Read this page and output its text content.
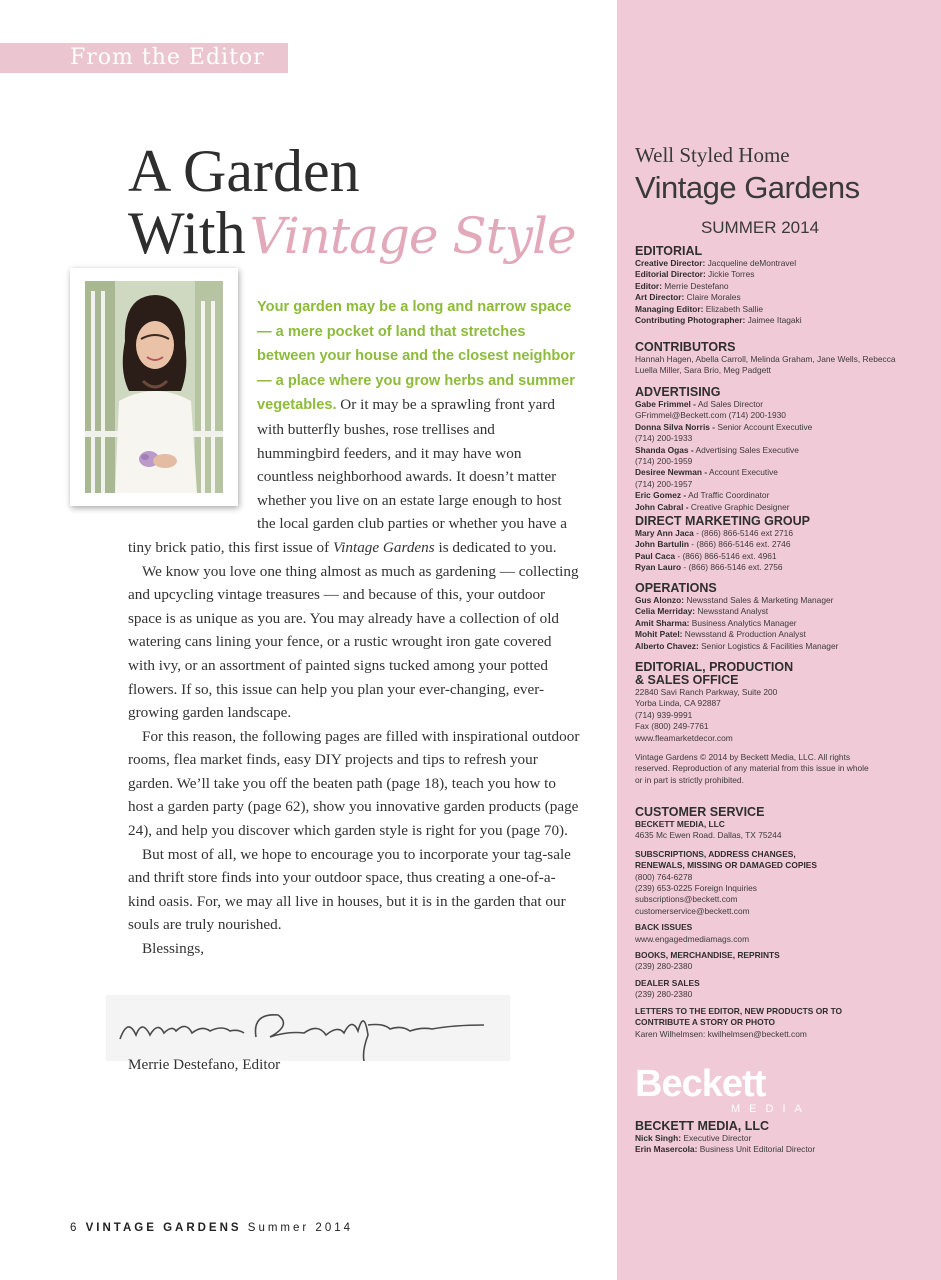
From the Editor
A Garden
WithVintage Style

Your garden may be a long and narrow space — a mere pocket of land that stretches between your house and the closest neighbor — a place where you grow herbs and summer vegetables. Or it may be a sprawling front yard with butterfly bushes, rose trellises and hummingbird feeders, and it may have won countless neighborhood awards. It doesn’t matter whether you live on an estate large enough to host the local garden club parties or whether you have a tiny brick patio, this first issue of Vintage Gardens is dedicated to you.

We know you love one thing almost as much as gardening — collecting and upcycling vintage treasures — and because of this, your outdoor space is as unique as you are. You may already have a collection of old watering cans lining your fence, or a rustic wrought iron gate covered with ivy, or an assortment of painted signs tucked among your potted flowers. If so, this issue can help you plan your ever-changing, ever-growing garden landscape.

For this reason, the following pages are filled with inspirational outdoor rooms, flea market finds, easy DIY projects and tips to refresh your garden. We’ll take you off the beaten path (page 18), teach you how to host a garden party (page 62), show you innovative garden products (page 24), and help you discover which garden style is right for you (page 70).

But most of all, we hope to encourage you to incorporate your tag-sale and thrift store finds into your outdoor space, thus creating a one-of-a-kind oasis. For, we may all live in houses, but it is in the garden that our souls are truly nourished.

Blessings,

Merrie Destefano, Editor
6 VINTAGE GARDENS Summer 2014
Well Styled Home
Vintage Gardens
SUMMER 2014
EDITORIAL
Creative Director: Jacqueline deMontravel
Editorial Director: Jickie Torres
Editor: Merrie Destefano
Art Director: Claire Morales
Managing Editor: Elizabeth Sallie
Contributing Photographer: Jaimee Itagaki
CONTRIBUTORS
Hannah Hagen, Abella Carroll, Melinda Graham, Jane Wells, Rebecca
Luella Miller, Sara Brio, Meg Padgett
ADVERTISING
Gabe Frimmel - Ad Sales Director
GFrimmel@Beckett.com (714) 200-1930
Donna Silva Norris - Senior Account Executive
(714) 200-1933
Shanda Ogas - Advertising Sales Executive
(714) 200-1959
Desiree Newman - Account Executive
(714) 200-1957
Eric Gomez - Ad Traffic Coordinator
John Cabral - Creative Graphic Designer
DIRECT MARKETING GROUP
Mary Ann Jaca - (866) 866-5146 ext 2716
John Bartulin - (866) 866-5146 ext. 2746
Paul Caca - (866) 866-5146 ext. 4961
Ryan Lauro - (866) 866-5146 ext. 2756
OPERATIONS
Gus Alonzo: Newsstand Sales & Marketing Manager
Celia Merriday: Newsstand Analyst
Amit Sharma: Business Analytics Manager
Mohit Patel: Newsstand & Production Analyst
Alberto Chavez: Senior Logistics & Facilities Manager
EDITORIAL, PRODUCTION
& SALES OFFICE
22840 Savi Ranch Parkway, Suite 200
Yorba Linda, CA 92887
(714) 939-9991
Fax (800) 249-7761
www.fleamarketdecor.com
Vintage Gardens © 2014 by Beckett Media, LLC. All rights
reserved. Reproduction of any material from this issue in whole
or in part is strictly prohibited.
CUSTOMER SERVICE
BECKETT MEDIA, LLC
4635 Mc Ewen Road. Dallas, TX 75244
SUBSCRIPTIONS, ADDRESS CHANGES,
RENEWALS, MISSING OR DAMAGED COPIES
(800) 764-6278
(239) 653-0225 Foreign Inquiries
subscriptions@beckett.com
customerservice@beckett.com
BACK ISSUES
www.engagedmediamags.com
BOOKS, MERCHANDISE, REPRINTS
(239) 280-2380
DEALER SALES
(239) 280-2380
LETTERS TO THE EDITOR, NEW PRODUCTS OR TO
CONTRIBUTE A STORY OR PHOTO
Karen Wilhelmsen: kwilhelmsen@beckett.com
Beckett
MEDIA
BECKETT MEDIA, LLC
Nick Singh: Executive Director
Erin Masercola: Business Unit Editorial Director
